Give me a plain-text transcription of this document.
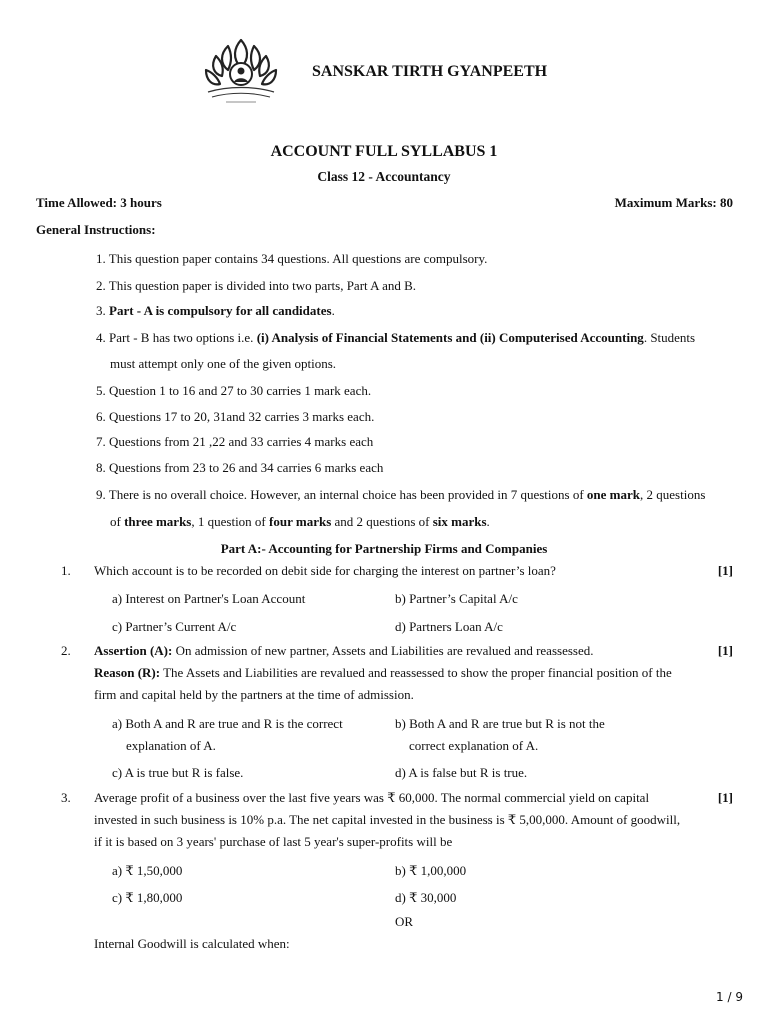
SANSKAR TIRTH GYANPEETH
ACCOUNT FULL SYLLABUS 1
Class 12 - Accountancy
Time Allowed: 3 hours	Maximum Marks: 80
General Instructions:
1. This question paper contains 34 questions. All questions are compulsory.
2. This question paper is divided into two parts, Part A and B.
3. Part - A is compulsory for all candidates.
4. Part - B has two options i.e. (i) Analysis of Financial Statements and (ii) Computerised Accounting. Students
must attempt only one of the given options.
5. Question 1 to 16 and 27 to 30 carries 1 mark each.
6. Questions 17 to 20, 31and 32 carries 3 marks each.
7. Questions from 21 ,22 and 33 carries 4 marks each
8. Questions from 23 to 26 and 34 carries 6 marks each
9. There is no overall choice. However, an internal choice has been provided in 7 questions of one mark, 2 questions
of three marks, 1 question of four marks and 2 questions of six marks.
Part A:- Accounting for Partnership Firms and Companies
1. Which account is to be recorded on debit side for charging the interest on partner’s loan?	[1]
a) Interest on Partner's Loan Account	b) Partner’s Capital A/c
c) Partner’s Current A/c	d) Partners Loan A/c
2. Assertion (A): On admission of new partner, Assets and Liabilities are revalued and reassessed.	[1]
Reason (R): The Assets and Liabilities are revalued and reassessed to show the proper financial position of the
firm and capital held by the partners at the time of admission.
a) Both A and R are true and R is the correct
explanation of A.
b) Both A and R are true but R is not the
correct explanation of A.
c) A is true but R is false.	d) A is false but R is true.
3. Average profit of a business over the last five years was ₹ 60,000. The normal commercial yield on capital	[1]
invested in such business is 10% p.a. The net capital invested in the business is ₹ 5,00,000. Amount of goodwill,
if it is based on 3 years' purchase of last 5 year's super-profits will be
a) ₹ 1,50,000	b) ₹ 1,00,000
c) ₹ 1,80,000	d) ₹ 30,000
OR
Internal Goodwill is calculated when:
1 / 9
